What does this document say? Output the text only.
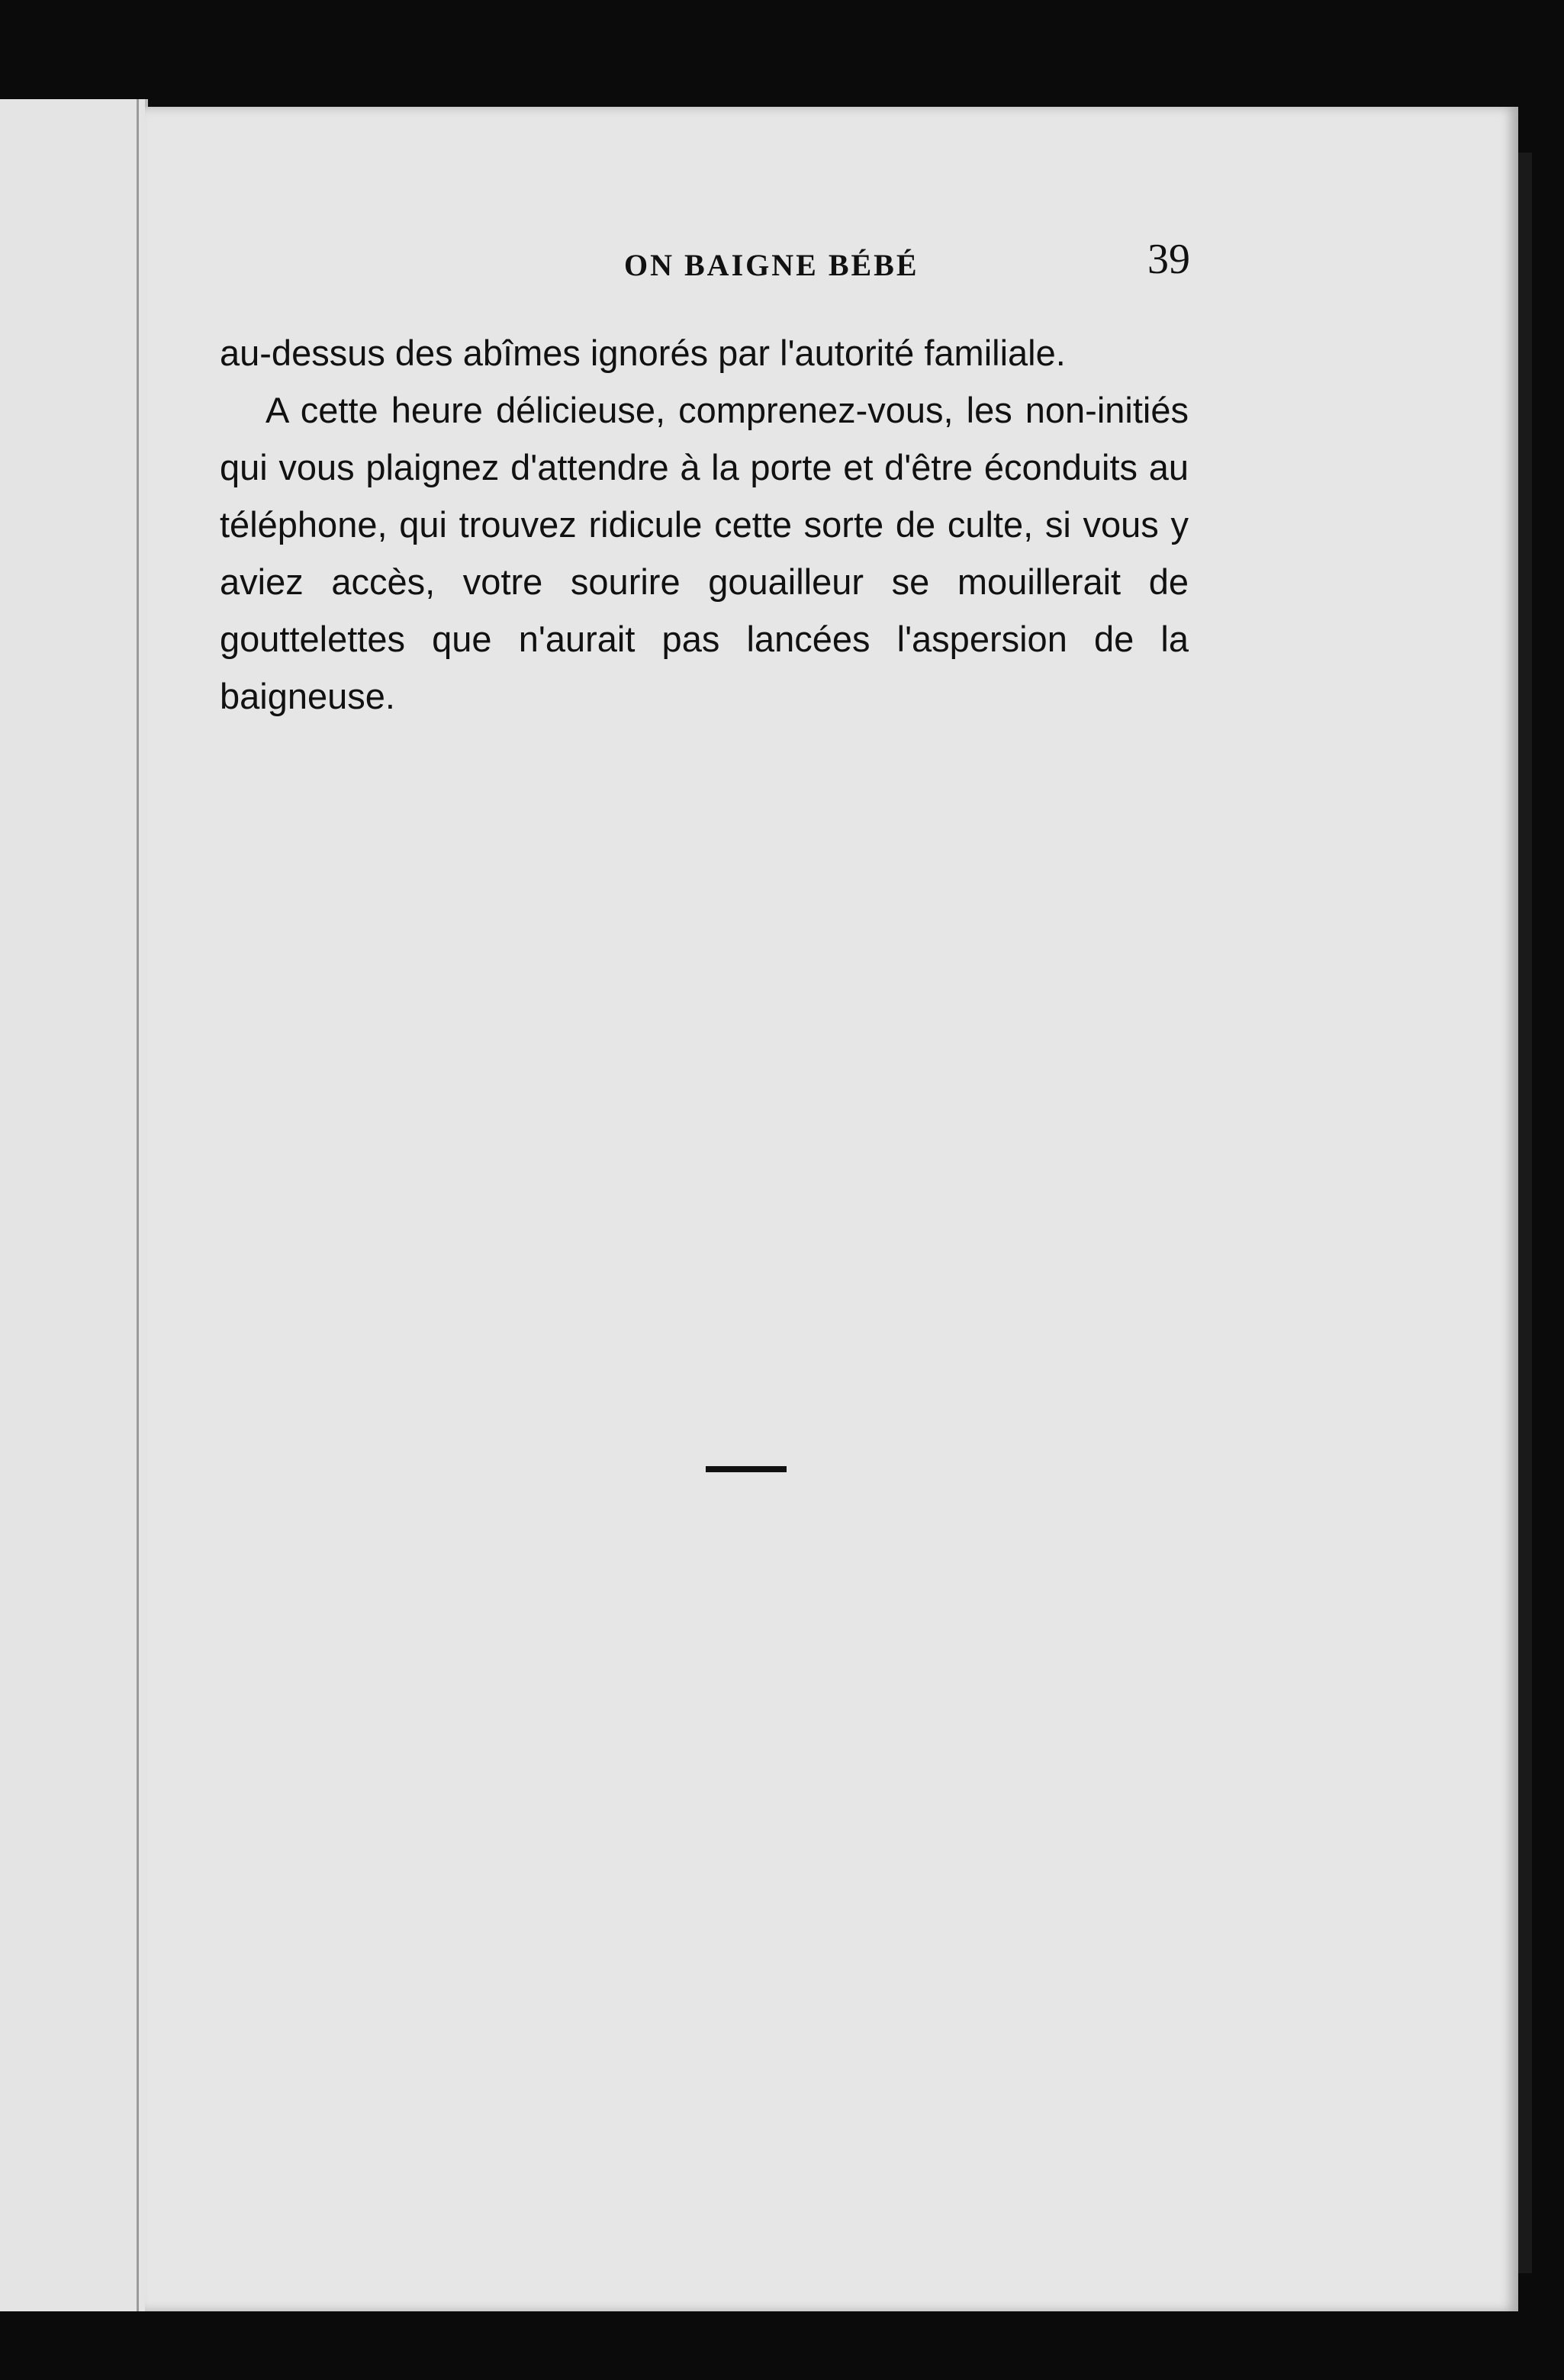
ON BAIGNE BÉBÉ	39

au-dessus des abîmes ignorés par l'autorité familiale.

A cette heure délicieuse, comprenez-vous, les non-initiés qui vous plaignez d'attendre à la porte et d'être éconduits au téléphone, qui trouvez ridicule cette sorte de culte, si vous y aviez accès, votre sourire gouailleur se mouillerait de gouttelettes que n'aurait pas lancées l'aspersion de la baigneuse.
